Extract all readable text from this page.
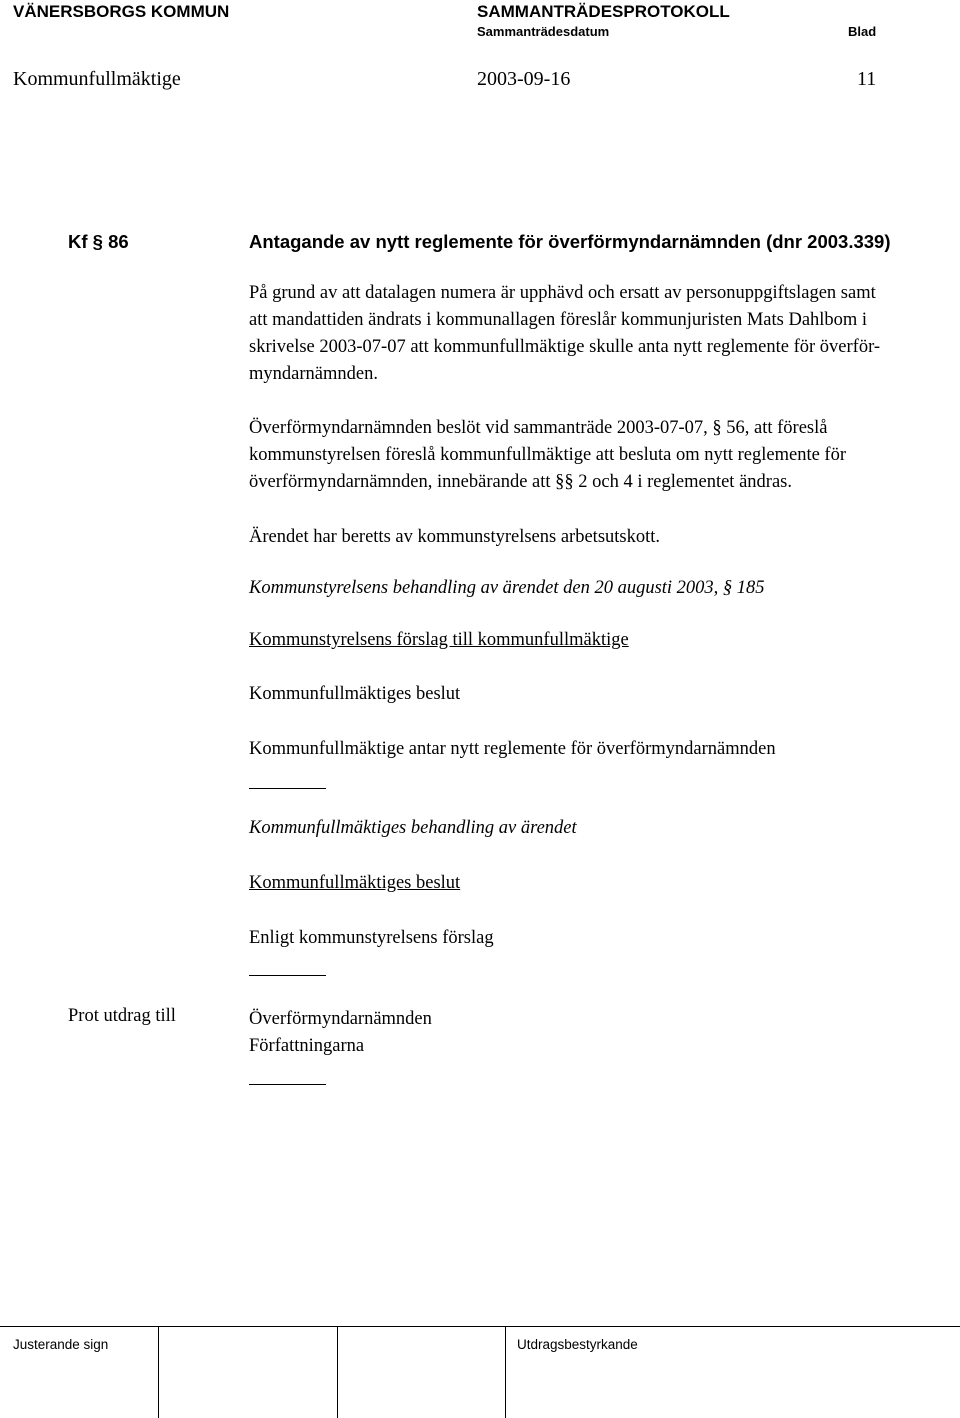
VÄNERSBORGS KOMMUN	SAMMANTRÄDESPROTOKOLL
Sammanträdesdatum	Blad
Kommunfullmäktige	2003-09-16	11
Kf § 86	Antagande av nytt reglemente för överförmyndarnämnden (dnr 2003.339)
På grund av att datalagen numera är upphävd och ersatt av personuppgiftslagen samt
att mandattiden ändrats i kommunallagen föreslår kommunjuristen Mats Dahlbom i
skrivelse 2003-07-07 att kommunfullmäktige skulle anta nytt reglemente för överför-
myndarnämnden.
Överförmyndarnämnden beslöt vid sammanträde 2003-07-07, § 56, att föreslå
kommunstyrelsen föreslå kommunfullmäktige att besluta om nytt reglemente för
överförmyndarnämnden, innebärande att §§ 2 och 4 i reglementet ändras.
Ärendet har beretts av kommunstyrelsens arbetsutskott.
Kommunstyrelsens behandling av ärendet den 20 augusti 2003, § 185
Kommunstyrelsens förslag till kommunfullmäktige
Kommunfullmäktiges beslut
Kommunfullmäktige antar nytt reglemente för överförmyndarnämnden
Kommunfullmäktiges behandling av ärendet
Kommunfullmäktiges beslut
Enligt kommunstyrelsens förslag
Prot utdrag till	Överförmyndarnämnden
Författningarna
Justerande sign	Utdragsbestyrkande
